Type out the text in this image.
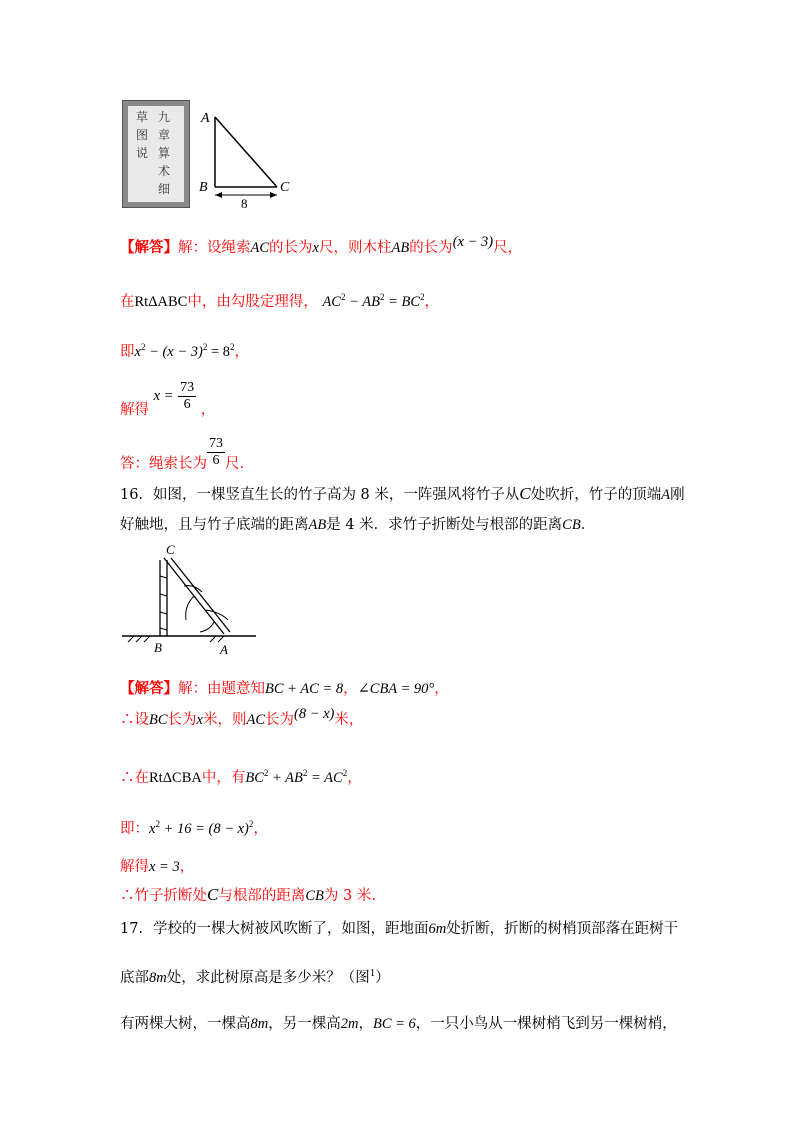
九
章
算
术
细
草
图
说
A
B	C
8
【解答】解：设绳索AC的长为x尺，则木柱AB的长为(x − 3)尺，
在RtΔABC中，由勾股定理得， $AC^2 - AB^2 = BC^2$，
即$x^2 - (x - 3)^2 = 8^2$，
解得 $x = \frac{73}{6}$ ，
答：绳索长为 $\frac{73}{6}$ 尺.
16．如图，一棵竖直生长的竹子高为 8 米，一阵强风将竹子从C处吹折，竹子的顶端A刚
好触地，且与竹子底端的距离AB是 4 米．求竹子折断处与根部的距离CB．
C
B	A
【解答】解：由题意知BC + AC = 8，∠CBA = 90°，
∴设BC长为x米，则AC长为(8 − x)米，
∴在RtΔCBA中，有$BC^2 + AB^2 = AC^2$，
即：$x^2 + 16 = (8 - x)^2$，
解得x = 3，
∴竹子折断处C与根部的距离CB为 3 米.
17．学校的一棵大树被风吹断了，如图，距地面6m处折断，折断的树梢顶部落在距树干
底部8m处，求此树原高是多少米？（图$^1$）
有两棵大树，一棵高8m，另一棵高2m，BC = 6，一只小鸟从一棵树梢飞到另一棵树梢，
